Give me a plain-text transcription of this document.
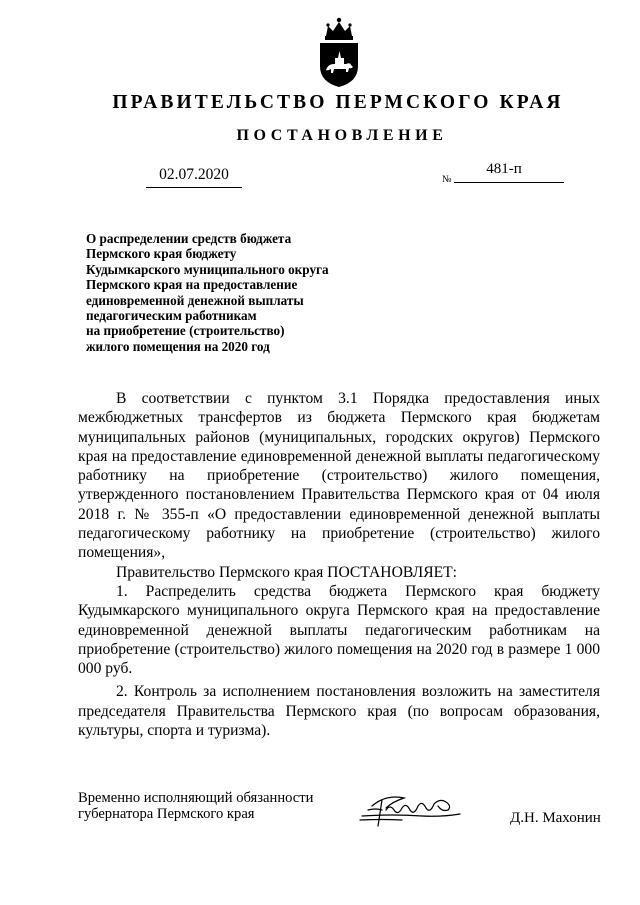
ПРАВИТЕЛЬСТВО ПЕРМСКОГО КРАЯ
ПОСТАНОВЛЕНИЕ
02.07.2020	№
481-п
О распределении средств бюджета
Пермского края бюджету
Кудымкарского муниципального округа
Пермского края на предоставление
единовременной денежной выплаты
педагогическим работникам
на приобретение (строительство)
жилого помещения на 2020 год

В соответствии с пунктом 3.1 Порядка предоставления иных межбюджетных трансфертов из бюджета Пермского края бюджетам муниципальных районов (муниципальных, городских округов) Пермского края на предоставление единовременной денежной выплаты педагогическому работнику на приобретение (строительство) жилого помещения, утвержденного постановлением Правительства Пермского края от 04 июля 2018 г. № 355-п «О предоставлении единовременной денежной выплаты педагогическому работнику на приобретение (строительство) жилого помещения»,

Правительство Пермского края ПОСТАНОВЛЯЕТ:

1. Распределить средства бюджета Пермского края бюджету Кудымкарского муниципального округа Пермского края на предоставление единовременной денежной выплаты педагогическим работникам на приобретение (строительство) жилого помещения на 2020 год в размере 1 000 000 руб.

2. Контроль за исполнением постановления возложить на заместителя председателя Правительства Пермского края (по вопросам образования, культуры, спорта и туризма).

Временно исполняющий обязанности
губернатора Пермского края	Д.Н. Махонин
